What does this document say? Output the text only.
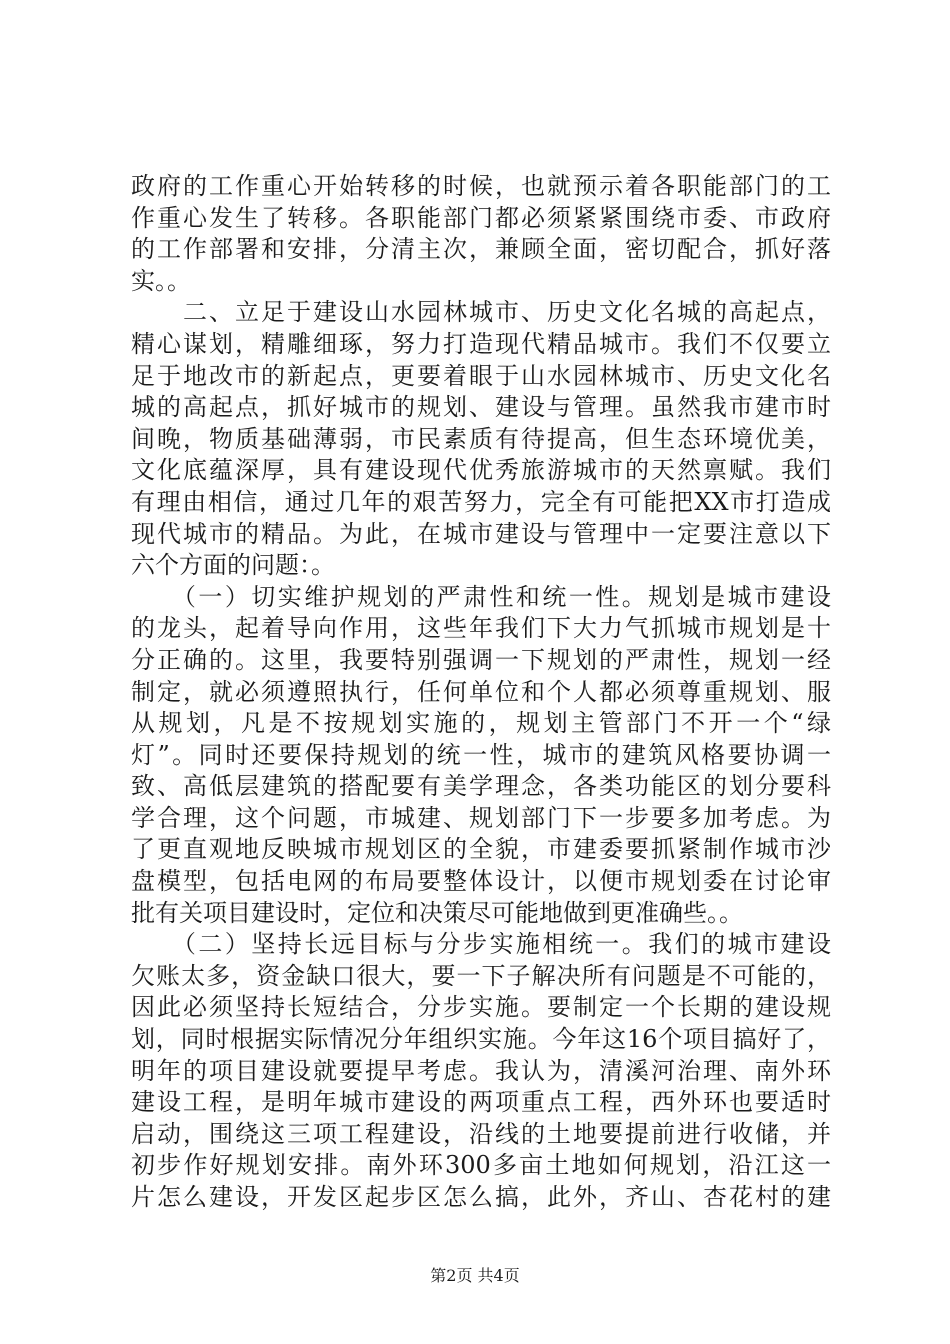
政府的工作重心开始转移的时候，也就预示着各职能部门的工
作重心发生了转移。各职能部门都必须紧紧围绕市委、市政府
的工作部署和安排，分清主次，兼顾全面，密切配合，抓好落
实。。
　　二、立足于建设山水园林城市、历史文化名城的高起点，
精心谋划，精雕细琢，努力打造现代精品城市。我们不仅要立
足于地改市的新起点，更要着眼于山水园林城市、历史文化名
城的高起点，抓好城市的规划、建设与管理。虽然我市建市时
间晚，物质基础薄弱，市民素质有待提高，但生态环境优美，
文化底蕴深厚，具有建设现代优秀旅游城市的天然禀赋。我们
有理由相信，通过几年的艰苦努力，完全有可能把XX市打造成
现代城市的精品。为此，在城市建设与管理中一定要注意以下
六个方面的问题：。
　　（一）切实维护规划的严肃性和统一性。规划是城市建设
的龙头，起着导向作用，这些年我们下大力气抓城市规划是十
分正确的。这里，我要特别强调一下规划的严肃性，规划一经
制定，就必须遵照执行，任何单位和个人都必须尊重规划、服
从规划，凡是不按规划实施的，规划主管部门不开一个“绿
灯”。同时还要保持规划的统一性，城市的建筑风格要协调一
致、高低层建筑的搭配要有美学理念，各类功能区的划分要科
学合理，这个问题，市城建、规划部门下一步要多加考虑。为
了更直观地反映城市规划区的全貌，市建委要抓紧制作城市沙
盘模型，包括电网的布局要整体设计，以便市规划委在讨论审
批有关项目建设时，定位和决策尽可能地做到更准确些。。
　　（二）坚持长远目标与分步实施相统一。我们的城市建设
欠账太多，资金缺口很大，要一下子解决所有问题是不可能的，
因此必须坚持长短结合，分步实施。要制定一个长期的建设规
划，同时根据实际情况分年组织实施。今年这16个项目搞好了，
明年的项目建设就要提早考虑。我认为，清溪河治理、南外环
建设工程，是明年城市建设的两项重点工程，西外环也要适时
启动，围绕这三项工程建设，沿线的土地要提前进行收储，并
初步作好规划安排。南外环300多亩土地如何规划，沿江这一
片怎么建设，开发区起步区怎么搞，此外，齐山、杏花村的建
第2页 共4页
